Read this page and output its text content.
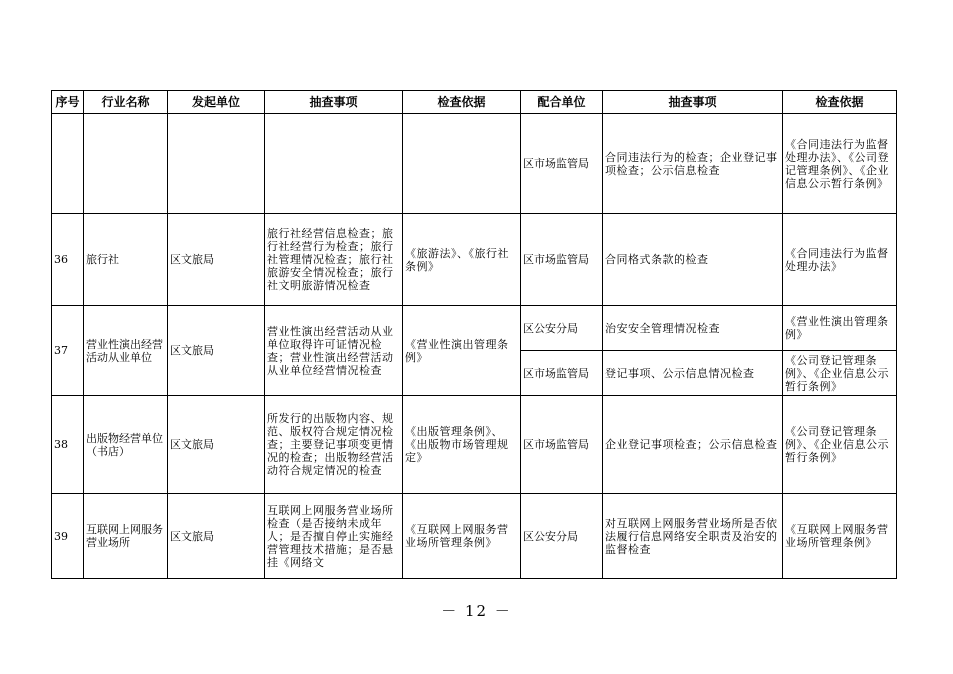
序号	行业名称	发起单位	抽查事项	检查依据	配合单位	抽查事项	检查依据
					区市场监管局	合同违法行为的检查；企业登记事项检查；公示信息检查	《合同违法行为监督处理办法》、《公司登记管理条例》、《企业信息公示暂行条例》
36	旅行社	区文旅局	旅行社经营信息检查；旅行社经营行为检查；旅行社管理情况检查；旅行社旅游安全情况检查；旅行社文明旅游情况检查	《旅游法》、《旅行社条例》	区市场监管局	合同格式条款的检查	《合同违法行为监督处理办法》
37	营业性演出经营活动从业单位	区文旅局	营业性演出经营活动从业单位取得许可证情况检查；营业性演出经营活动从业单位经营情况检查	《营业性演出管理条例》	区公安分局	治安安全管理情况检查	《营业性演出管理条例》
					区市场监管局	登记事项、公示信息情况检查	《公司登记管理条例》、《企业信息公示暂行条例》
38	出版物经营单位（书店）	区文旅局	所发行的出版物内容、规范、版权符合规定情况检查；主要登记事项变更情况的检查；出版物经营活动符合规定情况的检查	《出版管理条例》、《出版物市场管理规定》	区市场监管局	企业登记事项检查；公示信息检查	《公司登记管理条例》、《企业信息公示暂行条例》
39	互联网上网服务营业场所	区文旅局	互联网上网服务营业场所检查（是否接纳未成年人；是否擅自停止实施经营管理技术措施；是否悬挂《网络文	《互联网上网服务营业场所管理条例》	区公安分局	对互联网上网服务营业场所是否依法履行信息网络安全职责及治安的监督检查	《互联网上网服务营业场所管理条例》
－ 12 －
